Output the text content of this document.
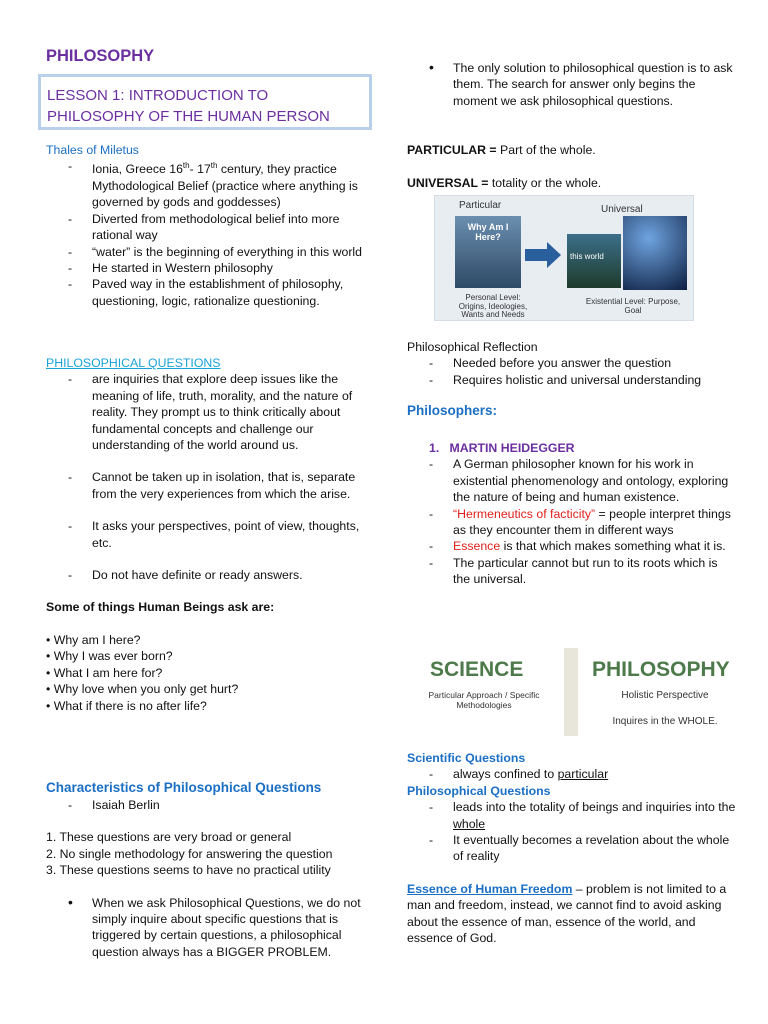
PHILOSOPHY
LESSON 1: INTRODUCTION TO PHILOSOPHY OF THE HUMAN PERSON
Thales of Miletus
- Ionia, Greece 16th- 17th century, they practice Mythodological Belief (practice where anything is governed by gods and goddesses)
- Diverted from methodological belief into more rational way
- “water” is the beginning of everything in this world
- He started in Western philosophy
- Paved way in the establishment of philosophy, questioning, logic, rationalize questioning.
PHILOSOPHICAL QUESTIONS
- are inquiries that explore deep issues like the meaning of life, truth, morality, and the nature of reality. They prompt us to think critically about fundamental concepts and challenge our understanding of the world around us.
- Cannot be taken up in isolation, that is, separate from the very experiences from which the arise.
- It asks your perspectives, point of view, thoughts, etc.
- Do not have definite or ready answers.
Some of things Human Beings ask are:
• Why am I here?
• Why I was ever born?
• What I am here for?
• Why love when you only get hurt?
• What if there is no after life?
Characteristics of Philosophical Questions
- Isaiah Berlin
1. These questions are very broad or general
2. No single methodology for answering the question
3. These questions seems to have no practical utility
• When we ask Philosophical Questions, we do not simply inquire about specific questions that is triggered by certain questions, a philosophical question always has a BIGGER PROBLEM.
• The only solution to philosophical question is to ask them. The search for answer only begins the moment we ask philosophical questions.
PARTICULAR = Part of the whole.
UNIVERSAL = totality or the whole.
Particular	Universal
Why Am I Here?
this world
Personal Level: Origins, Ideologies, Wants and Needs
Existential Level: Purpose, Goal
Philosophical Reflection
- Needed before you answer the question
- Requires holistic and universal understanding
Philosophers:
1.   MARTIN HEIDEGGER
- A German philosopher known for his work in existential phenomenology and ontology, exploring the nature of being and human existence.
- “Hermeneutics of facticity” = people interpret things as they encounter them in different ways
- Essence is that which makes something what it is.
- The particular cannot but run to its roots which is the universal.
SCIENCE
Particular Approach / Specific Methodologies
PHILOSOPHY
Holistic Perspective
Inquires in the WHOLE.
Scientific Questions
- always confined to particular
Philosophical Questions
- leads into the totality of beings and inquiries into the whole
- It eventually becomes a revelation about the whole of reality
Essence of Human Freedom – problem is not limited to a man and freedom, instead, we cannot find to avoid asking about the essence of man, essence of the world, and essence of God.
